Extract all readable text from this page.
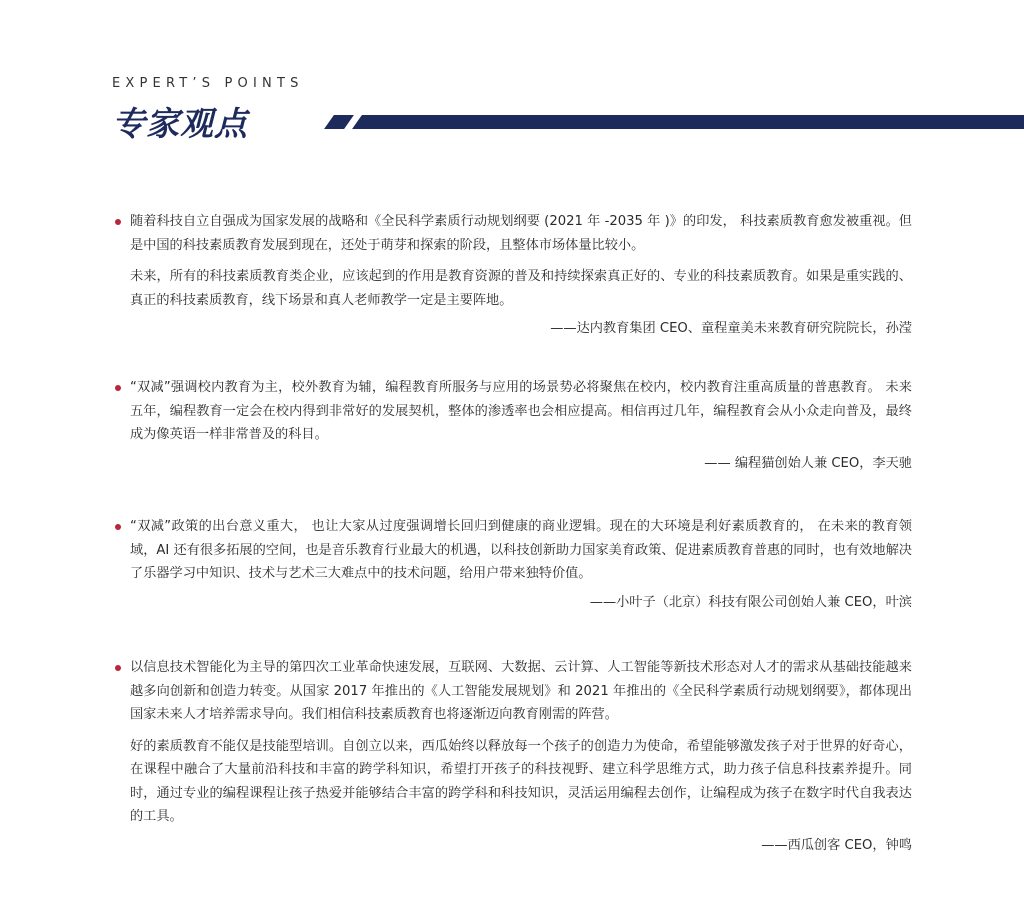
EXPERT’S POINTS
专家观点

随着科技自立自强成为国家发展的战略和《全民科学素质行动规划纲要 (2021 年 -2035 年 )》的印发， 科技素质教育愈发被重视。但是中国的科技素质教育发展到现在，还处于萌芽和探索的阶段，且整体市场体量比较小。

未来，所有的科技素质教育类企业，应该起到的作用是教育资源的普及和持续探索真正好的、专业的科技素质教育。如果是重实践的、真正的科技素质教育，线下场景和真人老师教学一定是主要阵地。

——达内教育集团 CEO、童程童美未来教育研究院院长，孙滢

“双减”强调校内教育为主，校外教育为辅，编程教育所服务与应用的场景势必将聚焦在校内，校内教育注重高质量的普惠教育。 未来五年，编程教育一定会在校内得到非常好的发展契机，整体的渗透率也会相应提高。相信再过几年，编程教育会从小众走向普及，最终成为像英语一样非常普及的科目。

—— 编程猫创始人兼 CEO，李天驰

“双减”政策的出台意义重大， 也让大家从过度强调增长回归到健康的商业逻辑。现在的大环境是利好素质教育的， 在未来的教育领域，AI 还有很多拓展的空间，也是音乐教育行业最大的机遇，以科技创新助力国家美育政策、促进素质教育普惠的同时，也有效地解决了乐器学习中知识、技术与艺术三大难点中的技术问题，给用户带来独特价值。

——小叶子（北京）科技有限公司创始人兼 CEO，叶滨

以信息技术智能化为主导的第四次工业革命快速发展，互联网、大数据、云计算、人工智能等新技术形态对人才的需求从基础技能越来越多向创新和创造力转变。从国家 2017 年推出的《人工智能发展规划》和 2021 年推出的《全民科学素质行动规划纲要》，都体现出国家未来人才培养需求导向。我们相信科技素质教育也将逐渐迈向教育刚需的阵营。

好的素质教育不能仅是技能型培训。自创立以来，西瓜始终以释放每一个孩子的创造力为使命，希望能够激发孩子对于世界的好奇心，在课程中融合了大量前沿科技和丰富的跨学科知识，希望打开孩子的科技视野、建立科学思维方式，助力孩子信息科技素养提升。同时，通过专业的编程课程让孩子热爱并能够结合丰富的跨学科和科技知识，灵活运用编程去创作，让编程成为孩子在数字时代自我表达的工具。

——西瓜创客 CEO，钟鸣
